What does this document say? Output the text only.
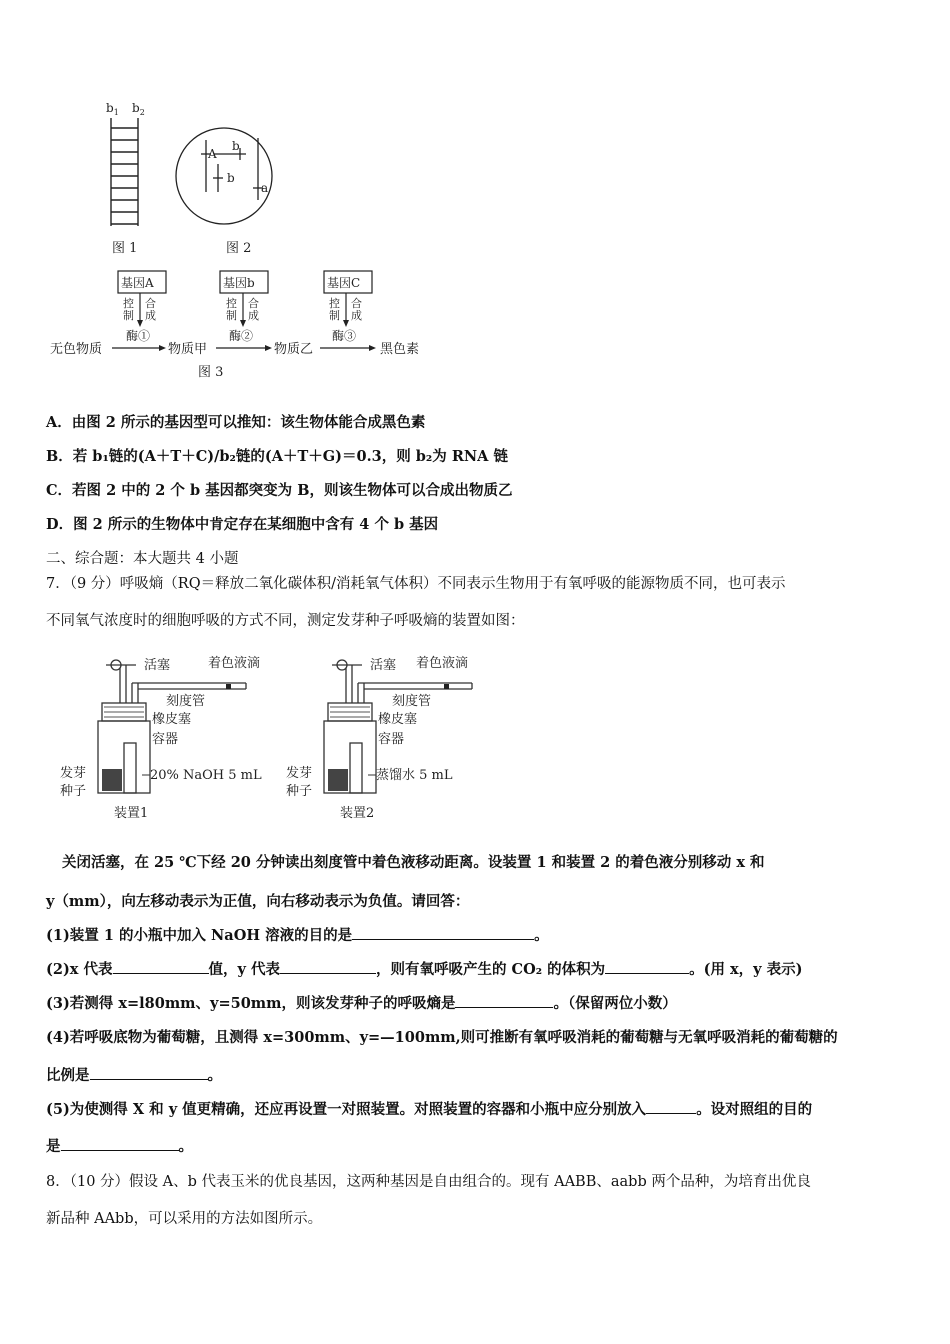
$b_1$ $b_2$
图 1
A
b
b
a
图 2
基因A	基因b	基因C
控
制
合
成
控
制
合
成
控
制
合
成
酶①	酶②	酶③
无色物质	物质甲	物质乙	黑色素
图 3
A．由图 2 所示的基因型可以推知：该生物体能合成黑色素
B．若 b₁链的(A＋T＋C)/b₂链的(A＋T＋G)＝0.3，则 b₂为 RNA 链
C．若图 2 中的 2 个 b 基因都突变为 B，则该生物体可以合成出物质乙
D．图 2 所示的生物体中肯定存在某细胞中含有 4 个 b 基因
二、综合题：本大题共 4 小题
7．（9 分）呼吸熵（RQ＝释放二氧化碳体积/消耗氧气体积）不同表示生物用于有氧呼吸的能源物质不同，也可表示
不同氧气浓度时的细胞呼吸的方式不同，测定发芽种子呼吸熵的装置如图：
活塞	着色液滴
刻度管
橡皮塞
容器
发芽
种子
20% NaOH 5 mL
装置1
活塞 着色液滴
刻度管
橡皮塞
容器
发芽
种子
蒸馏水 5 mL
装置2
关闭活塞，在 25 ℃下经 20 分钟读出刻度管中着色液移动距离。设装置 1 和装置 2 的着色液分别移动 x 和
y（mm），向左移动表示为正值，向右移动表示为负值。请回答：
(1)装置 1 的小瓶中加入 NaOH 溶液的目的是	。
(2)x 代表	值，y 代表	，则有氧呼吸产生的 CO₂ 的体积为	。(用 x，y 表示)
(3)若测得 x=l80mm、y=50mm，则该发芽种子的呼吸熵是	。（保留两位小数）
(4)若呼吸底物为葡萄糖，且测得 x=300mm、y=—100mm,则可推断有氧呼吸消耗的葡萄糖与无氧呼吸消耗的葡萄糖的
比例是	。
(5)为使测得 X 和 y 值更精确，还应再设置一对照装置。对照装置的容器和小瓶中应分别放入	。设对照组的目的
是	。
8．（10 分）假设 A、b 代表玉米的优良基因，这两种基因是自由组合的。现有 AABB、aabb 两个品种，为培育出优良
新品种 AAbb，可以采用的方法如图所示。
